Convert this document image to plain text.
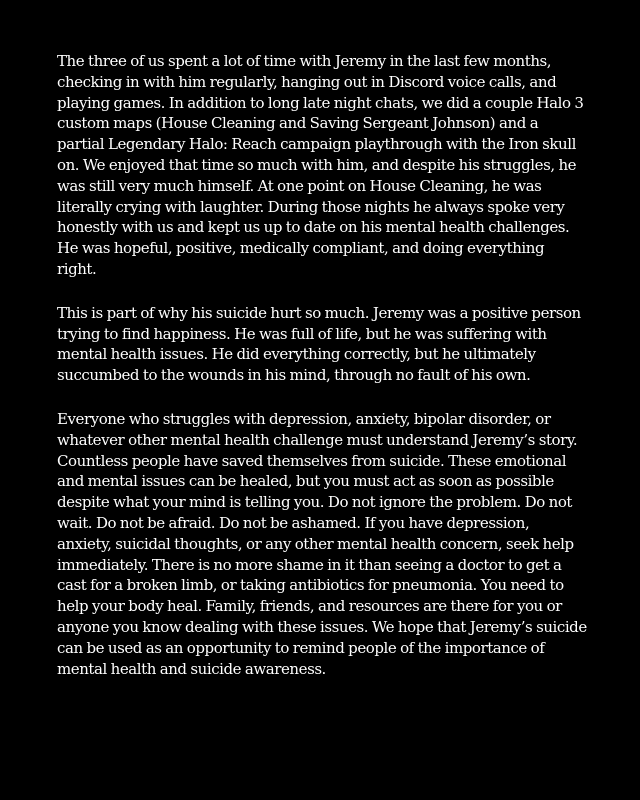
The three of us spent a lot of time with Jeremy in the last few months, checking in with him regularly, hanging out in Discord voice calls, and playing games. In addition to long late night chats, we did a couple Halo 3 custom maps (House Cleaning and Saving Sergeant Johnson) and a partial Legendary Halo: Reach campaign playthrough with the Iron skull on. We enjoyed that time so much with him, and despite his struggles, he was still very much himself. At one point on House Cleaning, he was literally crying with laughter. During those nights he always spoke very honestly with us and kept us up to date on his mental health challenges. He was hopeful, positive, medically compliant, and doing everything right.

This is part of why his suicide hurt so much. Jeremy was a positive person trying to find happiness. He was full of life, but he was suffering with mental health issues. He did everything correctly, but he ultimately succumbed to the wounds in his mind, through no fault of his own.

Everyone who struggles with depression, anxiety, bipolar disorder, or whatever other mental health challenge must understand Jeremy’s story. Countless people have saved themselves from suicide. These emotional and mental issues can be healed, but you must act as soon as possible despite what your mind is telling you. Do not ignore the problem. Do not wait. Do not be afraid. Do not be ashamed. If you have depression, anxiety, suicidal thoughts, or any other mental health concern, seek help immediately. There is no more shame in it than seeing a doctor to get a cast for a broken limb, or taking antibiotics for pneumonia. You need to help your body heal. Family, friends, and resources are there for you or anyone you know dealing with these issues. We hope that Jeremy’s suicide can be used as an opportunity to remind people of the importance of mental health and suicide awareness.
